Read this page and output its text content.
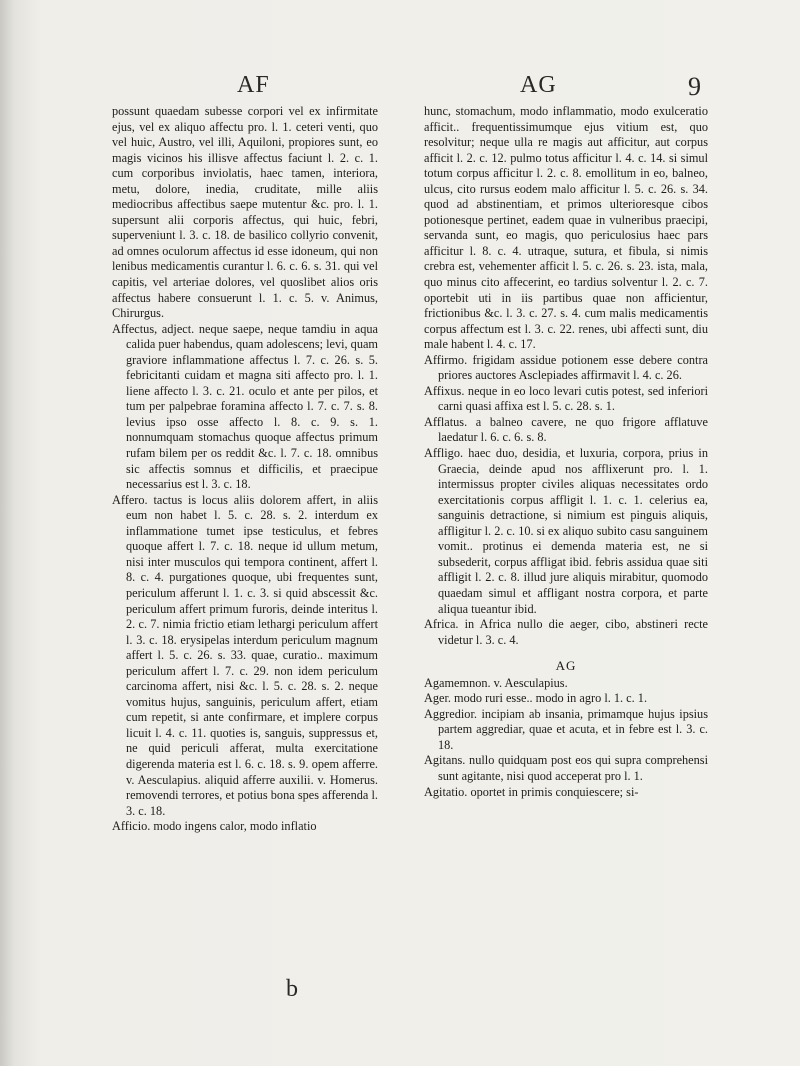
AF	AG	9

possunt quaedam subesse corpori vel ex infirmitate ejus, vel ex aliquo affectu pro. l. 1. ceteri venti, quo vel huic, Austro, vel illi, Aquiloni, propiores sunt, eo magis vicinos his illisve affectus faciunt l. 2. c. 1. cum corporibus inviolatis, haec tamen, interiora, metu, dolore, inedia, cruditate, mille aliis mediocribus affectibus saepe mutentur &c. pro. l. 1. supersunt alii corporis affectus, qui huic, febri, superveniunt l. 3. c. 18. de basilico collyrio convenit, ad omnes oculorum affectus id esse idoneum, qui non lenibus medicamentis curantur l. 6. c. 6. s. 31. qui vel capitis, vel arteriae dolores, vel quoslibet alios oris affectus habere consuerunt l. 1. c. 5. v. Animus, Chirurgus.

Affectus, adject. neque saepe, neque tamdiu in aqua calida puer habendus, quam adolescens; levi, quam graviore inflammatione affectus l. 7. c. 26. s. 5. febricitanti cuidam et magna siti affecto pro. l. 1. liene affecto l. 3. c. 21. oculo et ante per pilos, et tum per palpebrae foramina affecto l. 7. c. 7. s. 8. levius ipso osse affecto l. 8. c. 9. s. 1. nonnumquam stomachus quoque affectus primum rufam bilem per os reddit &c. l. 7. c. 18. omnibus sic affectis somnus et difficilis, et praecipue necessarius est l. 3. c. 18.

Affero. tactus is locus aliis dolorem affert, in aliis eum non habet l. 5. c. 28. s. 2. interdum ex inflammatione tumet ipse testiculus, et febres quoque affert l. 7. c. 18. neque id ullum metum, nisi inter musculos qui tempora continent, affert l. 8. c. 4. purgationes quoque, ubi frequentes sunt, periculum afferunt l. 1. c. 3. si quid abscessit &c. periculum affert primum furoris, deinde interitus l. 2. c. 7. nimia frictio etiam lethargi periculum affert l. 3. c. 18. erysipelas interdum periculum magnum affert l. 5. c. 26. s. 33. quae, curatio.. maximum periculum affert l. 7. c. 29. non idem periculum carcinoma affert, nisi &c. l. 5. c. 28. s. 2. neque vomitus hujus, sanguinis, periculum affert, etiam cum repetit, si ante confirmare, et implere corpus licuit l. 4. c. 11. quoties is, sanguis, suppressus et, ne quid periculi afferat, multa exercitatione digerenda materia est l. 6. c. 18. s. 9. opem afferre. v. Aesculapius. aliquid afferre auxilii. v. Homerus. removendi terrores, et potius bona spes afferenda l. 3. c. 18.

Afficio. modo ingens calor, modo inflatio

hunc, stomachum, modo inflammatio, modo exulceratio afficit.. frequentissimumque ejus vitium est, quo resolvitur; neque ulla re magis aut afficitur, aut corpus afficit l. 2. c. 12. pulmo totus afficitur l. 4. c. 14. si simul totum corpus afficitur l. 2. c. 8. emollitum in eo, balneo, ulcus, cito rursus eodem malo afficitur l. 5. c. 26. s. 34. quod ad abstinentiam, et primos ulterioresque cibos potionesque pertinet, eadem quae in vulneribus praecipi, servanda sunt, eo magis, quo periculosius haec pars afficitur l. 8. c. 4. utraque, sutura, et fibula, si nimis crebra est, vehementer afficit l. 5. c. 26. s. 23. ista, mala, quo minus cito affecerint, eo tardius solventur l. 2. c. 7. oportebit uti in iis partibus quae non afficientur, frictionibus &c. l. 3. c. 27. s. 4. cum malis medicamentis corpus affectum est l. 3. c. 22. renes, ubi affecti sunt, diu male habent l. 4. c. 17.

Affirmo. frigidam assidue potionem esse debere contra priores auctores Asclepiades affirmavit l. 4. c. 26.

Affixus. neque in eo loco levari cutis potest, sed inferiori carni quasi affixa est l. 5. c. 28. s. 1.

Afflatus. a balneo cavere, ne quo frigore afflatuve laedatur l. 6. c. 6. s. 8.

Affligo. haec duo, desidia, et luxuria, corpora, prius in Graecia, deinde apud nos afflixerunt pro. l. 1. intermissus propter civiles aliquas necessitates ordo exercitationis corpus affligit l. 1. c. 1. celerius ea, sanguinis detractione, si nimium est pinguis aliquis, affligitur l. 2. c. 10. si ex aliquo subito casu sanguinem vomit.. protinus ei demenda materia est, ne si subsederit, corpus affligat ibid. febris assidua quae siti affligit l. 2. c. 8. illud jure aliquis mirabitur, quomodo quaedam simul et affligant nostra corpora, et parte aliqua tueantur ibid.

Africa. in Africa nullo die aeger, cibo, abstineri recte videtur l. 3. c. 4.

AG

Agamemnon. v. Aesculapius.

Ager. modo ruri esse.. modo in agro l. 1. c. 1.

Aggredior. incipiam ab insania, primamque hujus ipsius partem aggrediar, quae et acuta, et in febre est l. 3. c. 18.

Agitans. nullo quidquam post eos qui supra comprehensi sunt agitante, nisi quod acceperat pro l. 1.

Agitatio. oportet in primis conquiescere; si-

b
